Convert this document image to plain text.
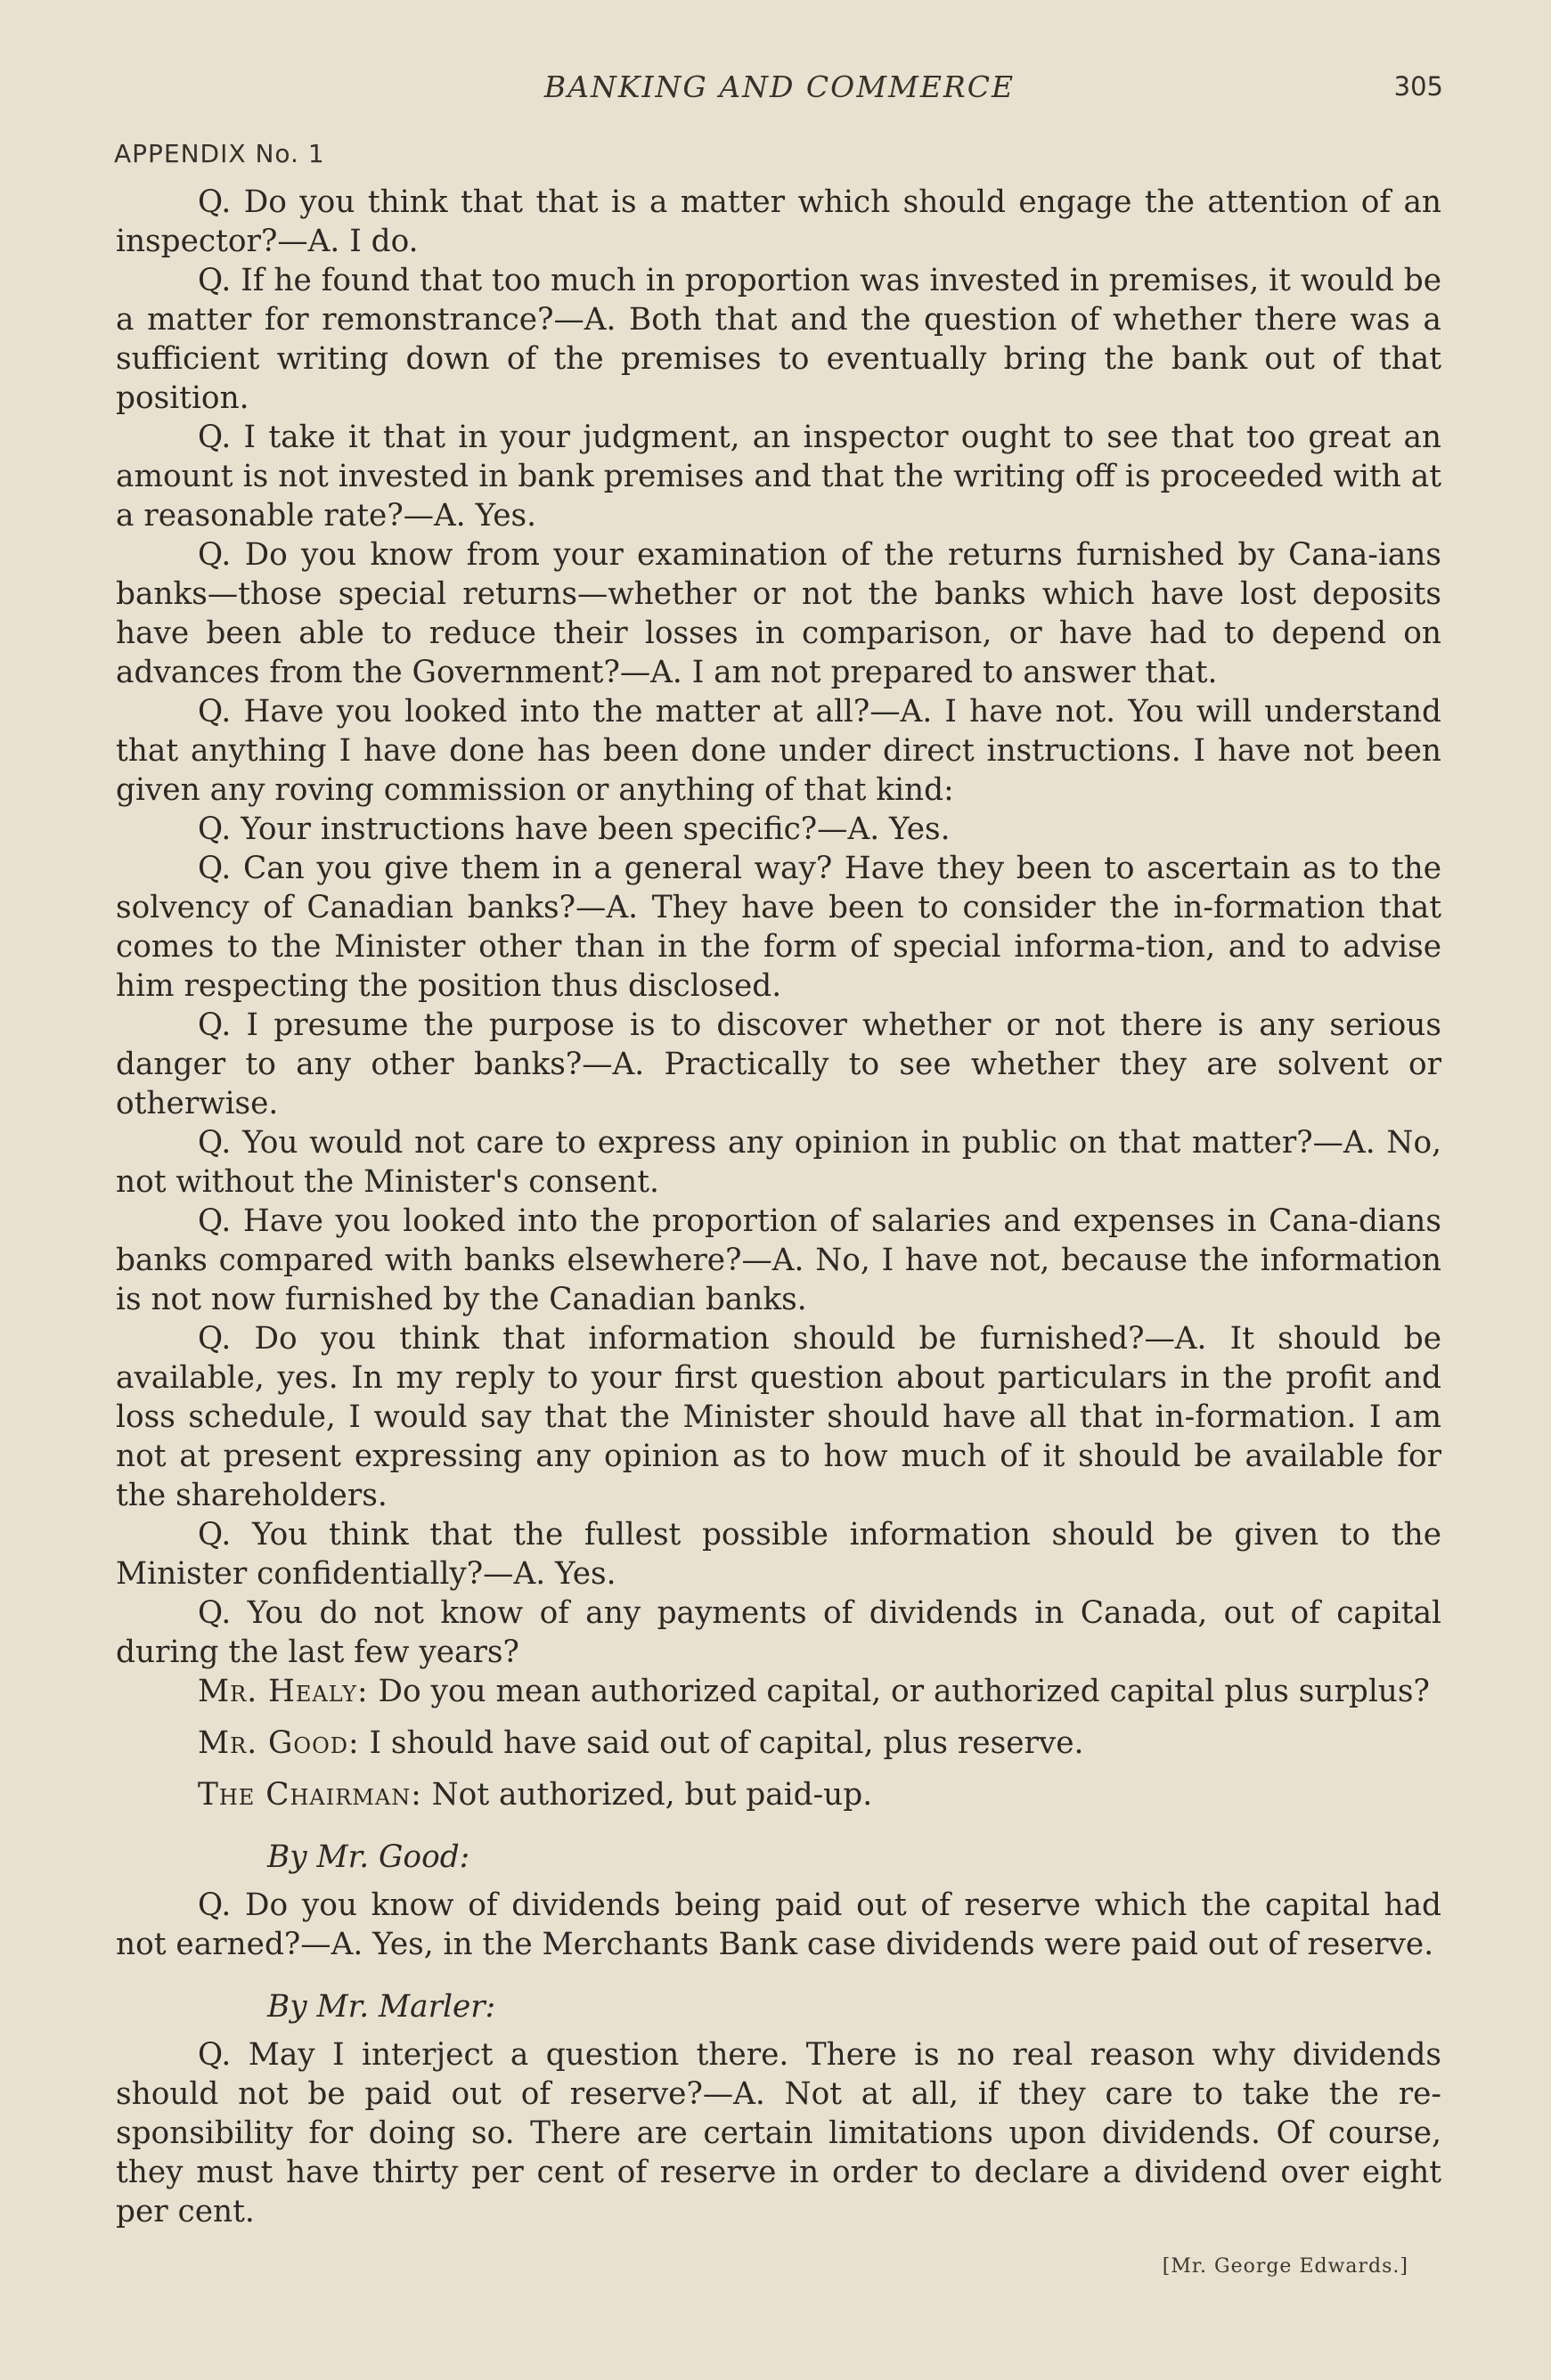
BANKING AND COMMERCE	305
APPENDIX No. 1

Q. Do you think that that is a matter which should engage the attention of an inspector?—A. I do.

Q. If he found that too much in proportion was invested in premises, it would be a matter for remonstrance?—A. Both that and the question of whether there was a sufficient writing down of the premises to eventually bring the bank out of that position.

Q. I take it that in your judgment, an inspector ought to see that too great an amount is not invested in bank premises and that the writing off is proceeded with at a reasonable rate?—A. Yes.

Q. Do you know from your examination of the returns furnished by Cana-ians banks—those special returns—whether or not the banks which have lost deposits have been able to reduce their losses in comparison, or have had to depend on advances from the Government?—A. I am not prepared to answer that.

Q. Have you looked into the matter at all?—A. I have not. You will understand that anything I have done has been done under direct instructions. I have not been given any roving commission or anything of that kind:

Q. Your instructions have been specific?—A. Yes.

Q. Can you give them in a general way? Have they been to ascertain as to the solvency of Canadian banks?—A. They have been to consider the in-formation that comes to the Minister other than in the form of special informa-tion, and to advise him respecting the position thus disclosed.

Q. I presume the purpose is to discover whether or not there is any serious danger to any other banks?—A. Practically to see whether they are solvent or otherwise.

Q. You would not care to express any opinion in public on that matter?—A. No, not without the Minister's consent.

Q. Have you looked into the proportion of salaries and expenses in Cana-dians banks compared with banks elsewhere?—A. No, I have not, because the information is not now furnished by the Canadian banks.

Q. Do you think that information should be furnished?—A. It should be available, yes. In my reply to your first question about particulars in the profit and loss schedule, I would say that the Minister should have all that in-formation. I am not at present expressing any opinion as to how much of it should be available for the shareholders.

Q. You think that the fullest possible information should be given to the Minister confidentially?—A. Yes.

Q. You do not know of any payments of dividends in Canada, out of capital during the last few years?

Mr. Healy: Do you mean authorized capital, or authorized capital plus surplus?

Mr. Good: I should have said out of capital, plus reserve.

The Chairman: Not authorized, but paid-up.

By Mr. Good:

Q. Do you know of dividends being paid out of reserve which the capital had not earned?—A. Yes, in the Merchants Bank case dividends were paid out of reserve.

By Mr. Marler:

Q. May I interject a question there. There is no real reason why dividends should not be paid out of reserve?—A. Not at all, if they care to take the re-sponsibility for doing so. There are certain limitations upon dividends. Of course, they must have thirty per cent of reserve in order to declare a dividend over eight per cent.

[Mr. George Edwards.]
